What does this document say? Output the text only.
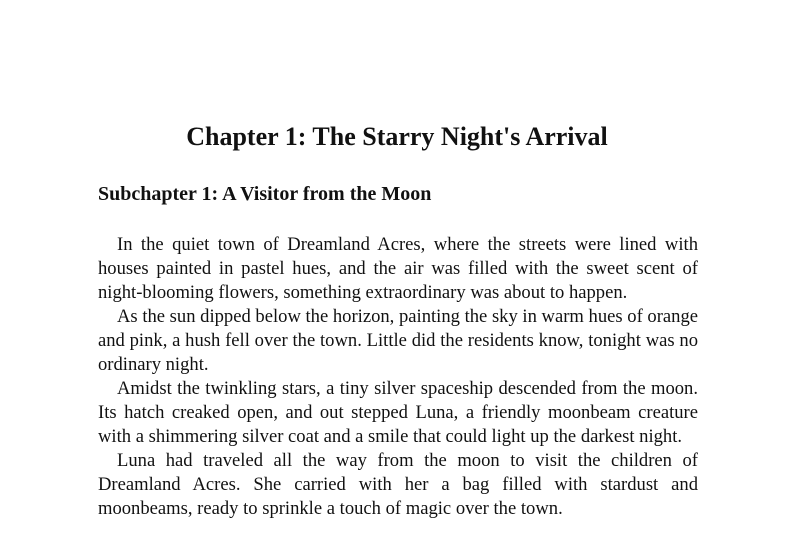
Chapter 1: The Starry Night's Arrival
Subchapter 1: A Visitor from the Moon

In the quiet town of Dreamland Acres, where the streets were lined with houses painted in pastel hues, and the air was filled with the sweet scent of night-blooming flowers, something extraordinary was about to happen.

As the sun dipped below the horizon, painting the sky in warm hues of orange and pink, a hush fell over the town. Little did the residents know, tonight was no ordinary night.

Amidst the twinkling stars, a tiny silver spaceship descended from the moon. Its hatch creaked open, and out stepped Luna, a friendly moonbeam creature with a shimmering silver coat and a smile that could light up the darkest night.

Luna had traveled all the way from the moon to visit the children of Dreamland Acres. She carried with her a bag filled with stardust and moonbeams, ready to sprinkle a touch of magic over the town.
